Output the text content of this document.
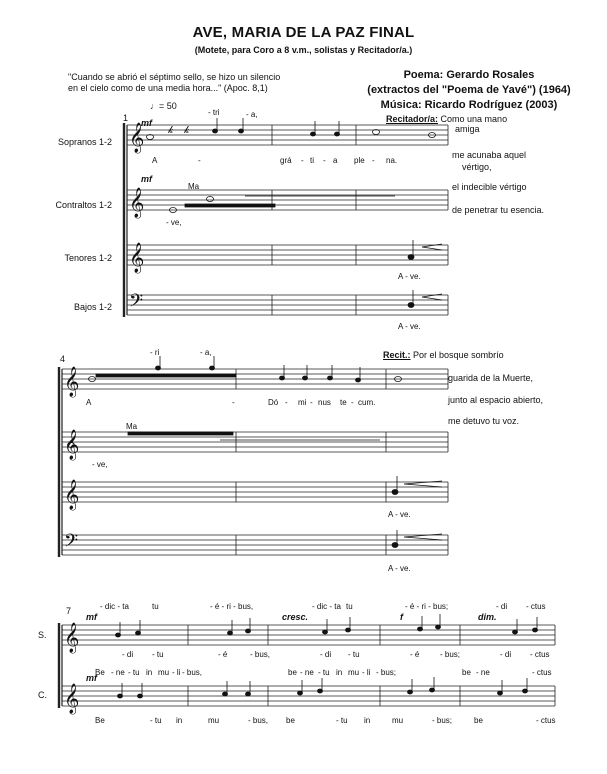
AVE, MARIA DE LA PAZ FINAL
(Motete, para Coro a 8 v.m., solistas y Recitador/a.)
"Cuando se abrió el séptimo sello, se hizo un silencio
en el cielo como de una media hora..." (Apoc. 8,1)
Poema: Gerardo Rosales
(extractos del "Poema de Yavé") (1964)
Música: Ricardo Rodríguez (2003)
1
♩= 50
Sopranos 1-2
Contraltos 1-2
Tenores 1-2
Bajos 1-2
𝄞
𝄞
𝄞
𝄢
𝄞
𝄞
𝄞
𝄢
𝄞
𝄞
𝓀 𝓀
mf
mf
- tri	- a,
A	-	grá - ti - a ple - na.
Ma
- ve,
A - ve.
A - ve.
Recitador/a: Como una mano
amiga
me acunaba aquel
vértigo,
el indecible vértigo
de penetrar tu esencia.
4
- ri	- a,
A	-	Dó - mi - nus te - cum.
Ma
- ve,
A - ve.
A - ve.
Recit.: Por el bosque sombrío
guarida de la Muerte,
junto al espacio abierto,
me detuvo tu voz.
7
S.
C.
mf	cresc.	f	dim.
mf
- dic - ta	tu	- é - ri - bus,	- dic - ta tu	- é - ri - bus;	- di - ctus
- di - tu	- é	- bus,	- di - tu	- é	- bus;	- di - ctus
Be - ne - tu in mu - li - bus,	be - ne - tu in mu - li - bus;	be - ne	- ctus
Be	- tu in	mu	- bus, be	- tu in	mu	- bus;	be	- ctus
